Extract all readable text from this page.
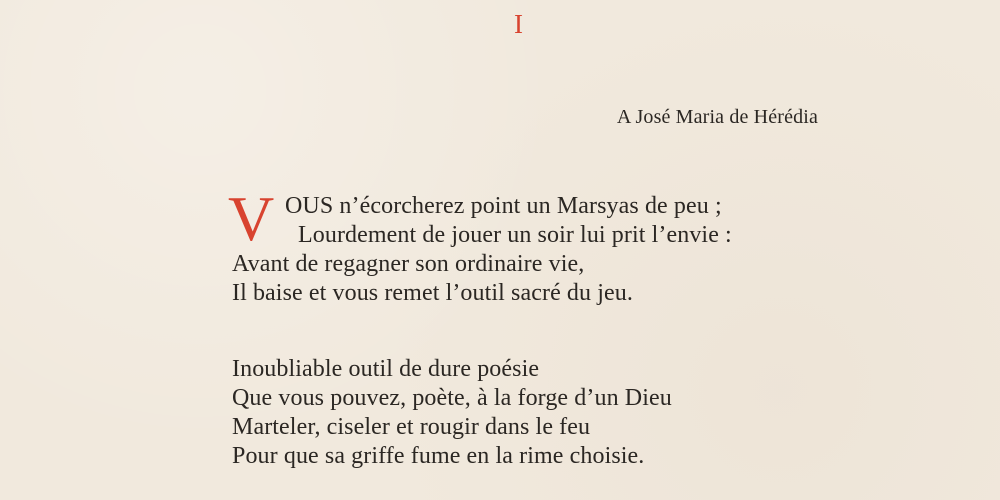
I
A José Maria de Hérédia
V OUS n’écorcherez point un Marsyas de peu ;
Lourdement de jouer un soir lui prit l’envie :
Avant de regagner son ordinaire vie,
Il baise et vous remet l’outil sacré du jeu.
Inoubliable outil de dure poésie
Que vous pouvez, poète, à la forge d’un Dieu
Marteler, ciseler et rougir dans le feu
Pour que sa griffe fume en la rime choisie.
